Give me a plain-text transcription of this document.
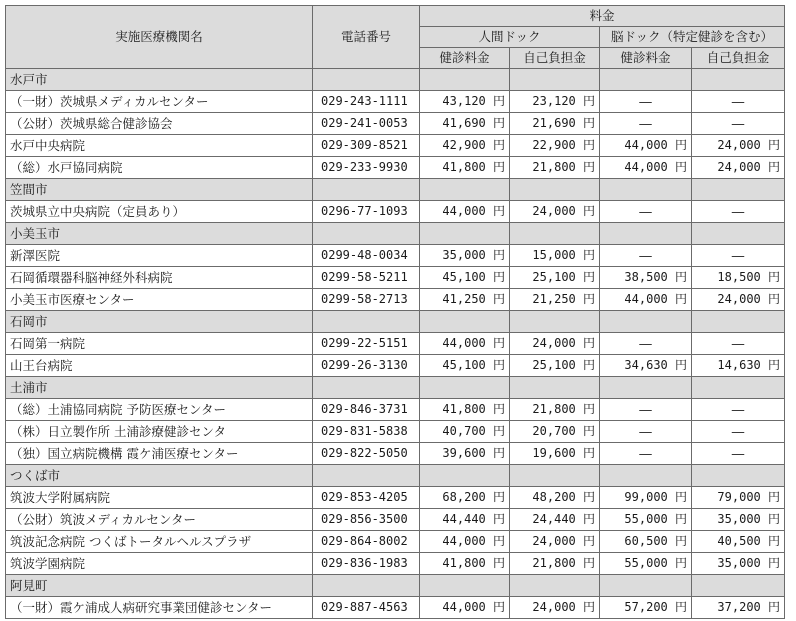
実施医療機関名	電話番号	料金			
		人間ドック		脳ドック（特定健診を含む）	
		健診料金	自己負担金	健診料金	自己負担金
水戸市					
（一財）茨城県メディカルセンター	029-243-1111	43,120 円	23,120 円	―	―
（公財）茨城県総合健診協会	029-241-0053	41,690 円	21,690 円	―	―
水戸中央病院	029-309-8521	42,900 円	22,900 円	44,000 円	24,000 円
（総）水戸協同病院	029-233-9930	41,800 円	21,800 円	44,000 円	24,000 円
笠間市					
茨城県立中央病院（定員あり）	0296-77-1093	44,000 円	24,000 円	―	―
小美玉市					
新澤医院	0299-48-0034	35,000 円	15,000 円	―	―
石岡循環器科脳神経外科病院	0299-58-5211	45,100 円	25,100 円	38,500 円	18,500 円
小美玉市医療センター	0299-58-2713	41,250 円	21,250 円	44,000 円	24,000 円
石岡市					
石岡第一病院	0299-22-5151	44,000 円	24,000 円	―	―
山王台病院	0299-26-3130	45,100 円	25,100 円	34,630 円	14,630 円
土浦市					
（総）土浦協同病院 予防医療センター	029-846-3731	41,800 円	21,800 円	―	―
（株）日立製作所 土浦診療健診センタ	029-831-5838	40,700 円	20,700 円	―	―
（独）国立病院機構 霞ケ浦医療センター	029-822-5050	39,600 円	19,600 円	―	―
つくば市					
筑波大学附属病院	029-853-4205	68,200 円	48,200 円	99,000 円	79,000 円
（公財）筑波メディカルセンター	029-856-3500	44,440 円	24,440 円	55,000 円	35,000 円
筑波記念病院 つくばトータルヘルスプラザ	029-864-8002	44,000 円	24,000 円	60,500 円	40,500 円
筑波学園病院	029-836-1983	41,800 円	21,800 円	55,000 円	35,000 円
阿見町					
（一財）霞ケ浦成人病研究事業団健診センター	029-887-4563	44,000 円	24,000 円	57,200 円	37,200 円
